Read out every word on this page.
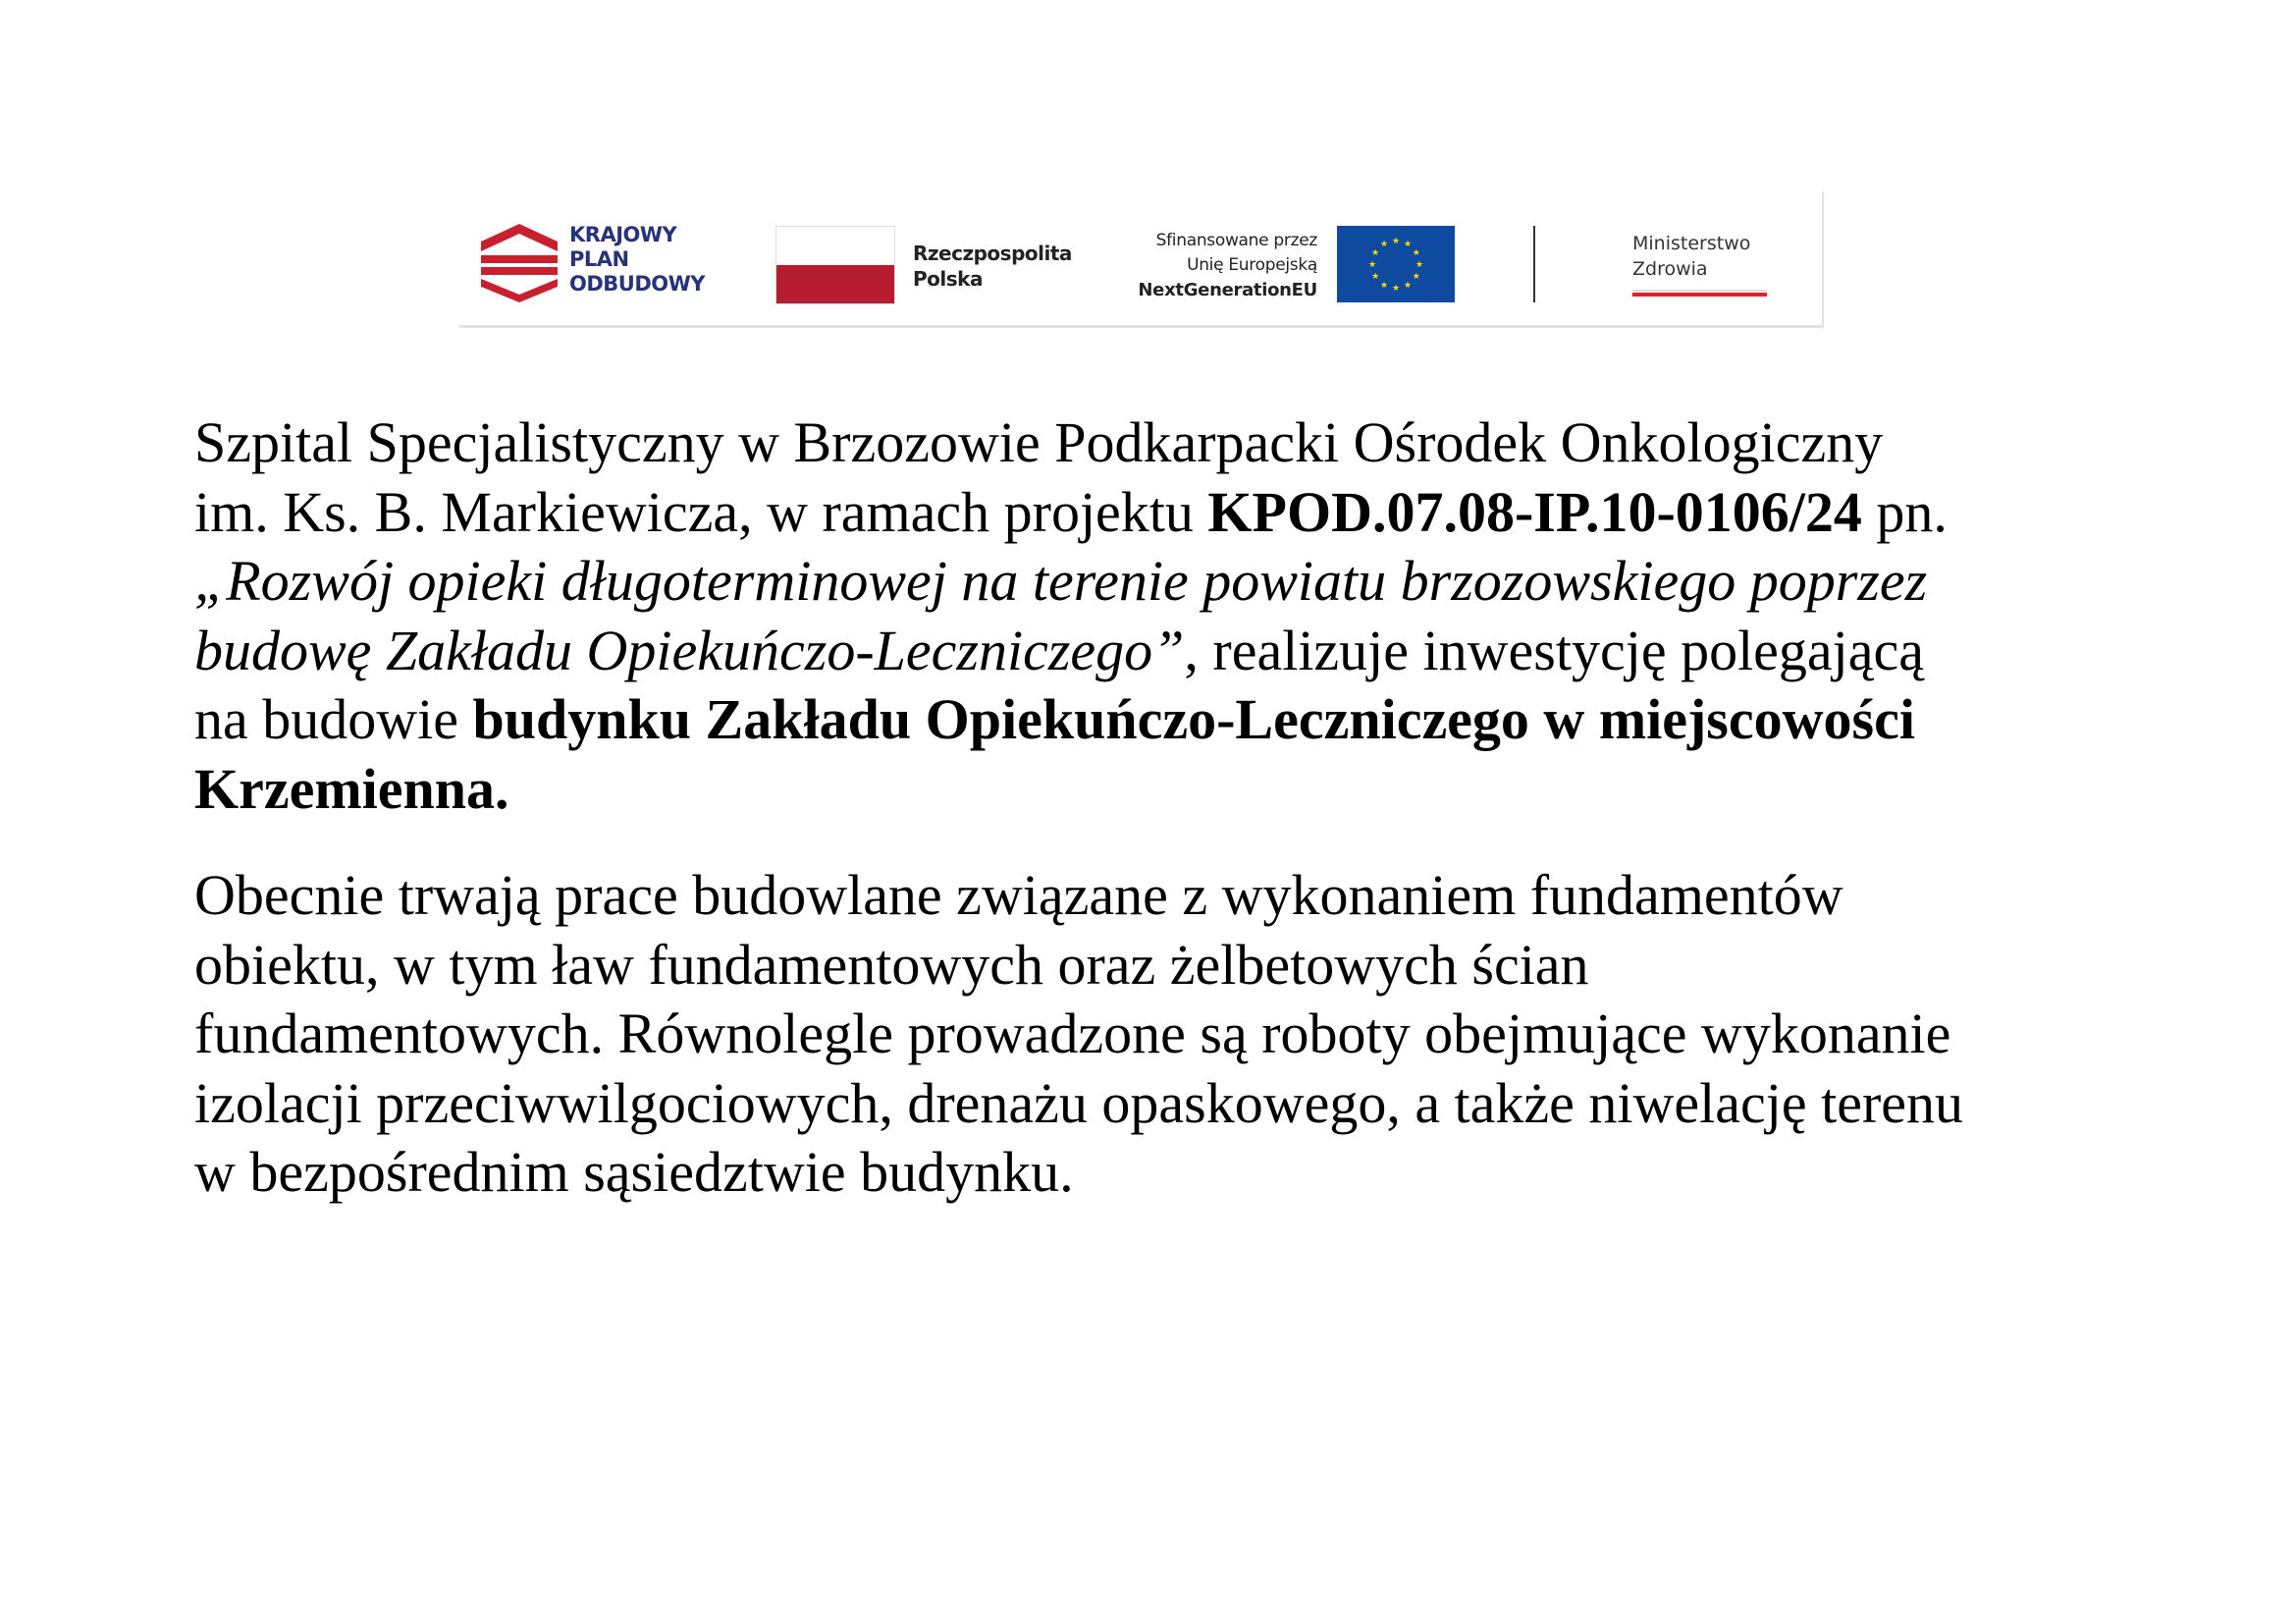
KRAJOWY
PLAN
ODBUDOWY
Rzeczpospolita
Polska
Sfinansowane przez
Unię Europejską
NextGenerationEU
★ ★
★
★
★
★
★
★
★
★
★
★	Ministerstwo
Zdrowia
Szpital Specjalistyczny w Brzozowie Podkarpacki Ośrodek Onkologiczny
im. Ks. B. Markiewicza, w ramach projektu KPOD.07.08-IP.10-0106/24 pn.
„Rozwój opieki długoterminowej na terenie powiatu brzozowskiego poprzez
budowę Zakładu Opiekuńczo-Leczniczego”, realizuje inwestycję polegającą
na budowie budynku Zakładu Opiekuńczo-Leczniczego w miejscowości
Krzemienna.
Obecnie trwają prace budowlane związane z wykonaniem fundamentów
obiektu, w tym ław fundamentowych oraz żelbetowych ścian
fundamentowych. Równolegle prowadzone są roboty obejmujące wykonanie
izolacji przeciwwilgociowych, drenażu opaskowego, a także niwelację terenu
w bezpośrednim sąsiedztwie budynku.
